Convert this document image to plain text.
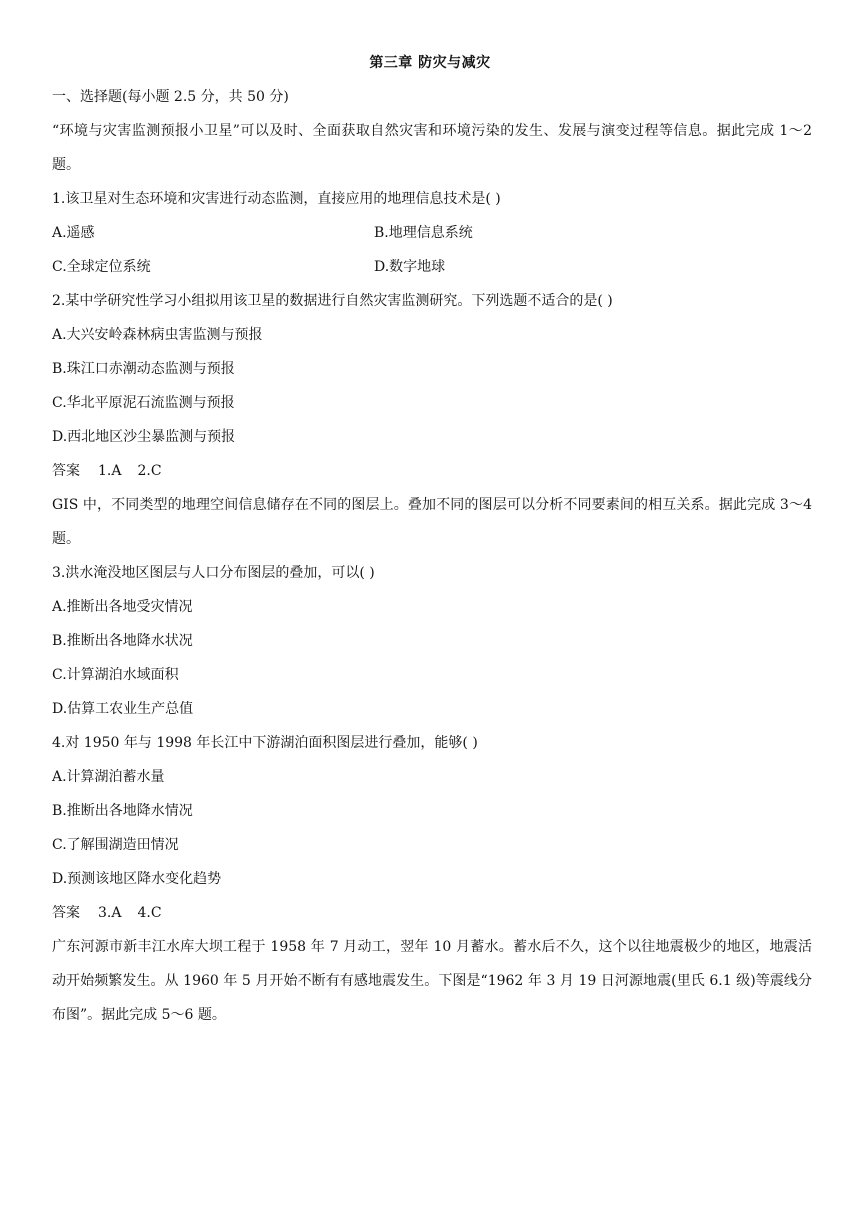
第三章 防灾与减灾
一、选择题(每小题 2.5 分，共 50 分)
“环境与灾害监测预报小卫星”可以及时、全面获取自然灾害和环境污染的发生、发展与演变过程等信息。据此完成 1～2 题。
1.该卫星对生态环境和灾害进行动态监测，直接应用的地理信息技术是( )
A.遥感	B.地理信息系统
C.全球定位系统	D.数字地球
2.某中学研究性学习小组拟用该卫星的数据进行自然灾害监测研究。下列选题不适合的是( )
A.大兴安岭森林病虫害监测与预报
B.珠江口赤潮动态监测与预报
C.华北平原泥石流监测与预报
D.西北地区沙尘暴监测与预报
答案 1.A 2.C
GIS 中，不同类型的地理空间信息储存在不同的图层上。叠加不同的图层可以分析不同要素间的相互关系。据此完成 3～4 题。
3.洪水淹没地区图层与人口分布图层的叠加，可以( )
A.推断出各地受灾情况
B.推断出各地降水状况
C.计算湖泊水域面积
D.估算工农业生产总值
4.对 1950 年与 1998 年长江中下游湖泊面积图层进行叠加，能够( )
A.计算湖泊蓄水量
B.推断出各地降水情况
C.了解围湖造田情况
D.预测该地区降水变化趋势
答案 3.A 4.C
广东河源市新丰江水库大坝工程于 1958 年 7 月动工，翌年 10 月蓄水。蓄水后不久，这个以往地震极少的地区，地震活动开始频繁发生。从 1960 年 5 月开始不断有有感地震发生。下图是“1962 年 3 月 19 日河源地震(里氏 6.1 级)等震线分布图”。据此完成 5～6 题。
